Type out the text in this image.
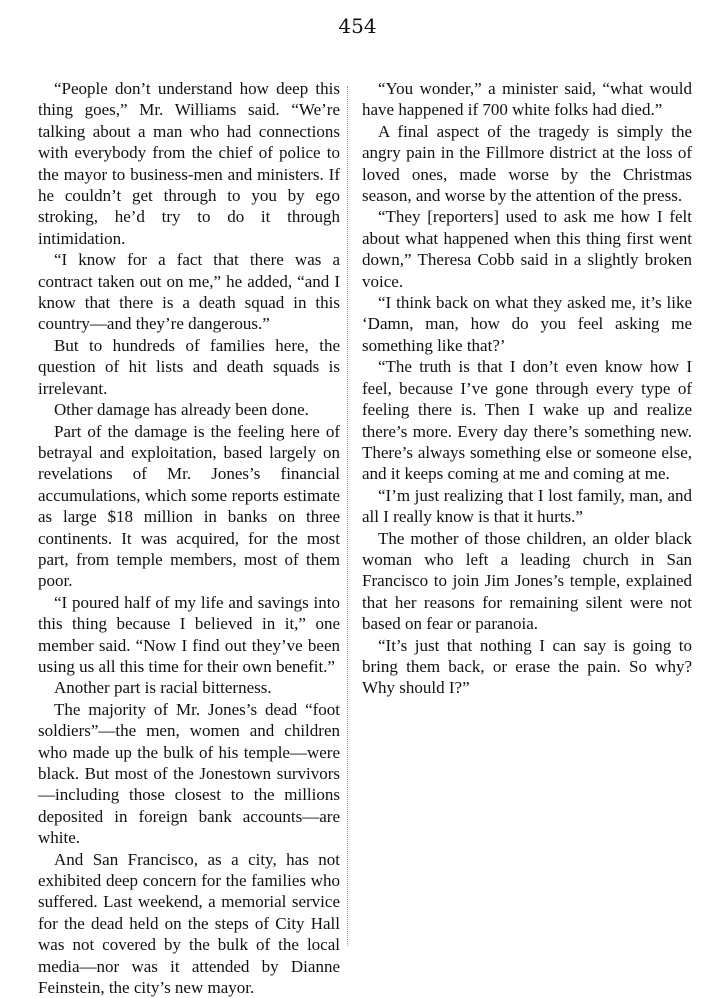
454

“People don’t understand how deep this thing goes,” Mr. Williams said. “We’re talking about a man who had connections with everybody from the chief of police to the mayor to business-men and ministers. If he couldn’t get through to you by ego stroking, he’d try to do it through intimidation.

“I know for a fact that there was a contract taken out on me,” he added, “and I know that there is a death squad in this country—and they’re dangerous.”

But to hundreds of families here, the question of hit lists and death squads is irrelevant.

Other damage has already been done.

Part of the damage is the feeling here of betrayal and exploitation, based largely on revelations of Mr. Jones’s financial accumulations, which some reports estimate as large $18 million in banks on three continents. It was acquired, for the most part, from temple members, most of them poor.

“I poured half of my life and savings into this thing because I believed in it,” one member said. “Now I find out they’ve been using us all this time for their own benefit.”

Another part is racial bitterness.

The majority of Mr. Jones’s dead “foot soldiers”—the men, women and children who made up the bulk of his temple—were black. But most of the Jonestown survivors—including those closest to the millions deposited in foreign bank accounts—are white.

And San Francisco, as a city, has not exhibited deep concern for the families who suffered. Last weekend, a memorial service for the dead held on the steps of City Hall was not covered by the bulk of the local media—nor was it attended by Dianne Feinstein, the city’s new mayor.

“You wonder,” a minister said, “what would have happened if 700 white folks had died.”

A final aspect of the tragedy is simply the angry pain in the Fillmore district at the loss of loved ones, made worse by the Christmas season, and worse by the attention of the press.

“They [reporters] used to ask me how I felt about what happened when this thing first went down,” Theresa Cobb said in a slightly broken voice.

“I think back on what they asked me, it’s like ‘Damn, man, how do you feel asking me something like that?’

“The truth is that I don’t even know how I feel, because I’ve gone through every type of feeling there is. Then I wake up and realize there’s more. Every day there’s something new. There’s always something else or someone else, and it keeps coming at me and coming at me.

“I’m just realizing that I lost family, man, and all I really know is that it hurts.”

The mother of those children, an older black woman who left a leading church in San Francisco to join Jim Jones’s temple, explained that her reasons for remaining silent were not based on fear or paranoia.

“It’s just that nothing I can say is going to bring them back, or erase the pain. So why? Why should I?”
